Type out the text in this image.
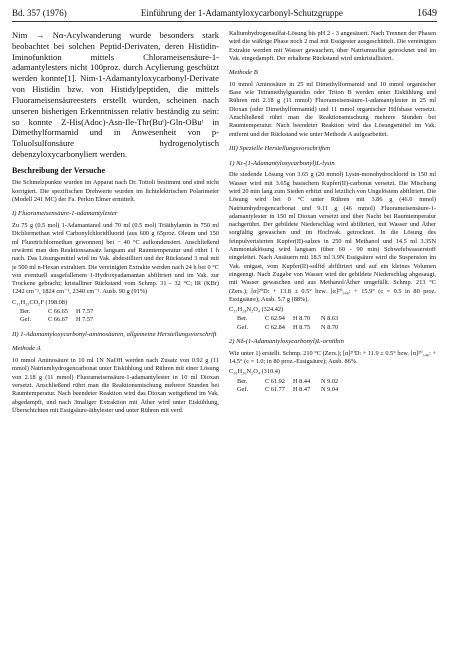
Bd. 357 (1976)	Einführung der 1-Adamantyloxycarbonyl-Schutzgruppe	1649

Nim → Nα-Acylwanderung wurde besonders stark beobachtet bei solchen Peptid-Derivaten, deren Histidin-Iminofunktion mittels Chlorameisensäure-1-adamantylesters nicht 100proz. durch Acylierung geschützt werden konnte[1]. Nim-1-Adamantyloxycarbonyl-Derivate von Histidin bzw. von Histidylpeptiden, die mittels Fluorameisensäureesters erstellt wurden, scheinen nach unseren bisherigen Erkenntnissen relativ beständig zu sein: so konnte Z-His(Adoc)-Asn-Ile-Thr(Buᵗ)-Gln-OBuᵗ in Dimethylformamid und in Anwesenheit von p-Toluolsulfonsäure hydrogenolytisch debenzyloxycarbonyliert werden.

Beschreibung der Versuche

Die Schmelzpunkte wurden im Apparat nach Dr. Tottoli bestimmt und sind nicht korrigiert. Die spezifischen Drehwerte wurden im lichtelektrischen Polarimeter (Modell 241 MC) der Fa. Perkin Elmer ermittelt.

I) Fluorameisensäure-1-adamantylester

Zu 75 g (0.5 mol) 1-Adamantanol und 70 ml (0.5 mol) Triäthylamin in 750 ml Dichlormethan wird Carbonylchloridfluorid (aus 600 g 65proz. Oleum und 150 ml Fluortrichlormethan gewonnen) bei − 40 °C aufkondensiert. Anschließend erwärmt man den Reaktionsansatz langsam auf Raumtemperatur und rührt 1 h nach. Das Lösungsmittel wird im Vak. abdestilliert und der Rückstand 3 mal mit je 500 ml n-Hexan extrahiert. Die vereinigten Extrakte werden nach 24 h bei 0 °C von eventuell ausgefallenem 1-Hydroxyadamantan abfiltriert und im Vak. zur Trockene gebracht; kristalliner Rückstand vom Schmp. 31 - 32 °C; IR (KBr) 1242 cm⁻¹, 1824 cm⁻¹, 2340 cm⁻¹. Ausb. 90 g (91%)

C₁₁H₁₅CO₂F (198.08)
Ber.	C 66.65	H 7.57
Gef.	C 66.67	H 7.57
II) 1-Adamantyloxycarbonyl-aminosäuren, allgemeine Herstellungsvorschrift
Methode A

10 mmol Aminosäure in 10 ml 1N NaOH werden nach Zusatz von 0.92 g (11 mmol) Natriumhydrogencarbonat unter Eiskühlung und Rühren mit einer Lösung von 2.18 g (11 mmol) Fluorameisensäure-1-adamantylester in 10 ml Dioxan versetzt. Anschließend rührt man die Reaktionsmischung mehrere Stunden bei Raumtemperatur. Nach beendeter Reaktion wird das Dioxan weitgehend im Vak. abgedampft, und nach 3maliger Extraktion mit Äther wird unter Eiskühlung, Überschichten mit Essigsäure-äthylester und unter Rühren mit verd.

Kaliumhydrogensulfat-Lösung bis pH 2 - 3 angesäuert. Nach Trennen der Phasen wird die wäßrige Phase noch 2 mal mit Essigester ausgeschüttelt. Die vereinigten Extrakte werden mit Wasser gewaschen, über Natriumsulfat getrocknet und im Vak. eingedampft. Der erhaltene Rückstand wird umkristallisiert.

Methode B

10 mmol Aminosäure in 25 ml Dimethylformamid und 10 mmol organischer Base wie Tetramethylguanidin oder Triton B werden unter Eiskühlung und Rühren mit 2.18 g (11 mmol) Fluorameisensäure-1-adamantylester in 25 ml Dioxan (oder Dimethylformamid) und 11 mmol organischer Hilfsbase versetzt. Anschließend rührt man die Reaktionsmischung mehrere Stunden bei Raumtemperatur. Nach beendeter Reaktion wird das Lösungsmittel im Vak. entfernt und der Rückstand wie unter Methode A aufgearbeitet.

III) Spezielle Herstellungsvorschriften
1) Nε-(1-Adamantyloxycarbonyl)L-lysin

Die siedende Lösung von 3.65 g (20 mmol) Lysin-monohydrochlorid in 150 ml Wasser wird mit 3.65g basischem Kupfer(II)-carbonat versetzt. Die Mischung wird 20 min lang zum Sieden erhitzt und letztlich von Ungelöstem abfiltriert. Die Lösung wird bei 0 °C unter Rühren mit 3.86 g (46.0 mmol) Natriumhydrogencarbonat und 9.11 g (46 mmol) Fluorameisensäure-1-adamantylester in 150 ml Dioxan versetzt und über Nacht bei Raumtemperatur nachgerührt. Der gebildete Niederschlag wird abfiltriert, mit Wasser und Äther sorgfältig gewaschen und im Hochvak. getrocknet. In die Lösung des feinpulverisierten Kupfer(II)-salzes in 250 ml Methanol und 14.5 ml 3.35N Ammoniaklösung wird langsam (über 60 - 90 min) Schwefelwasserstoff eingeleitet. Nach Ansäuern mit 18.5 ml 3.9N Essigsäure wird die Suspension im Vak. entgast, vom Kupfer(II)-sulfid abfiltriert und auf ein kleines Volumen eingeengt. Nach Zugabe von Wasser wird der gebildete Niederschlag abgesaugt, mit Wasser gewaschen und aus Methanol/Äther umgefällt. Schmp. 213 °C (Zers.); [α]²⁰D: + 13.8 ± 0.5° bzw. [α]²⁰₅₄₆: + 15.9° (c = 0.5 in 80 proz. Essigsäure); Ausb. 5.7 g (88%).

C₁₇H₂₈N₂O₄ (324.42)
Ber.	C 62.94	H 8.70	N 8.63
Gef.	C 62.84	H 8.75	N 8.70
2) Nδ-(1-Adamantyloxycarbonyl)L-ornithin

Wie unter 1) erstellt. Schmp. 210 °C (Zers.); [α]²⁰D: + 11.9 ± 0.5° bzw. [α]²⁰₅₄₆: + 14.5° (c = 1.0; in 80 proz.-Essigsäure); Ausb. 86%.

C₁₆H₂₆N₂O₄ (310.4)
Ber.	C 61.92	H 8.44	N 9.02
Gef.	C 61.77	H 8.47	N 9.04
